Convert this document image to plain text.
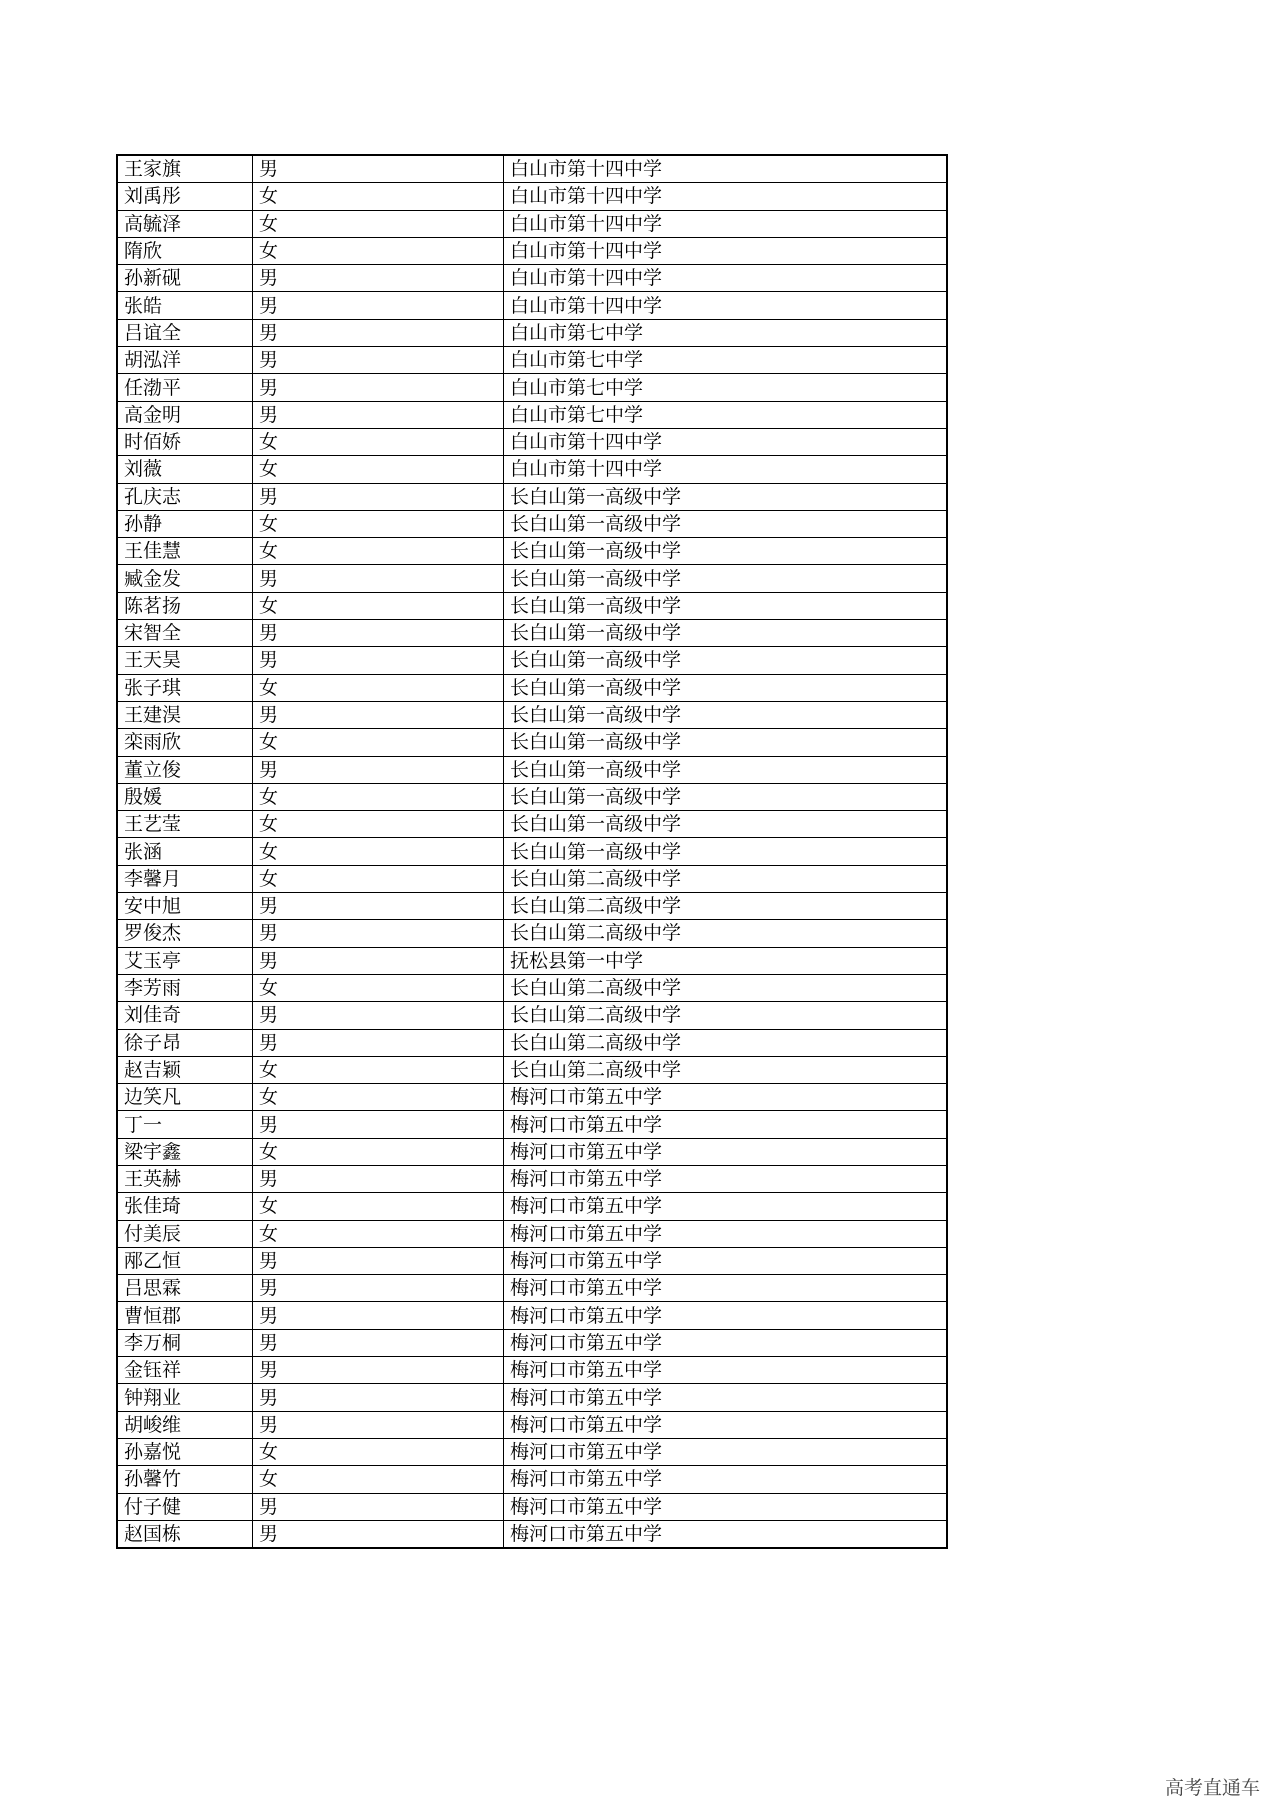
王家旗	男	白山市第十四中学
刘禹彤	女	白山市第十四中学
高毓泽	女	白山市第十四中学
隋欣	女	白山市第十四中学
孙新砚	男	白山市第十四中学
张皓	男	白山市第十四中学
吕谊全	男	白山市第七中学
胡泓洋	男	白山市第七中学
任渤平	男	白山市第七中学
高金明	男	白山市第七中学
时佰娇	女	白山市第十四中学
刘薇	女	白山市第十四中学
孔庆志	男	长白山第一高级中学
孙静	女	长白山第一高级中学
王佳慧	女	长白山第一高级中学
臧金发	男	长白山第一高级中学
陈茗扬	女	长白山第一高级中学
宋智全	男	长白山第一高级中学
王天昊	男	长白山第一高级中学
张子琪	女	长白山第一高级中学
王建淏	男	长白山第一高级中学
栾雨欣	女	长白山第一高级中学
董立俊	男	长白山第一高级中学
殷媛	女	长白山第一高级中学
王艺莹	女	长白山第一高级中学
张涵	女	长白山第一高级中学
李馨月	女	长白山第二高级中学
安中旭	男	长白山第二高级中学
罗俊杰	男	长白山第二高级中学
艾玉亭	男	抚松县第一中学
李芳雨	女	长白山第二高级中学
刘佳奇	男	长白山第二高级中学
徐子昂	男	长白山第二高级中学
赵吉颖	女	长白山第二高级中学
边笑凡	女	梅河口市第五中学
丁一	男	梅河口市第五中学
梁宇鑫	女	梅河口市第五中学
王英赫	男	梅河口市第五中学
张佳琦	女	梅河口市第五中学
付美辰	女	梅河口市第五中学
邴乙恒	男	梅河口市第五中学
吕思霖	男	梅河口市第五中学
曹恒郡	男	梅河口市第五中学
李万桐	男	梅河口市第五中学
金钰祥	男	梅河口市第五中学
钟翔业	男	梅河口市第五中学
胡峻维	男	梅河口市第五中学
孙嘉悦	女	梅河口市第五中学
孙馨竹	女	梅河口市第五中学
付子健	男	梅河口市第五中学
赵国栋	男	梅河口市第五中学
高考直通车
